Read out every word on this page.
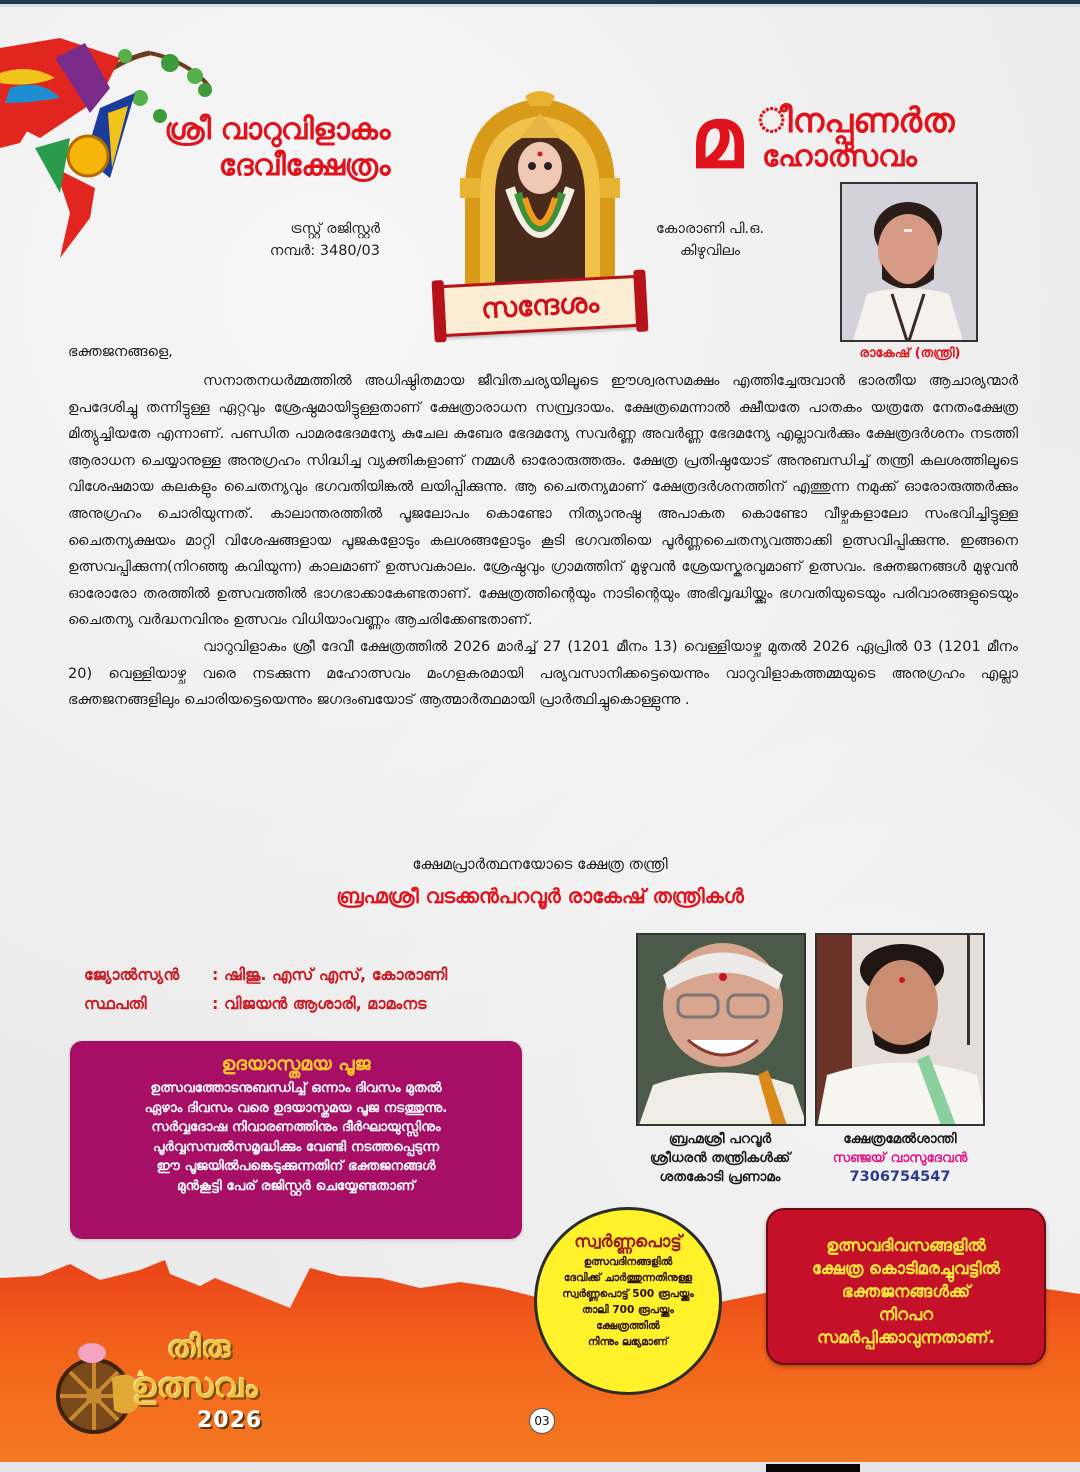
ശ്രീ വാറുവിളാകം
ദേവീക്ഷേത്രം
ട്രസ്റ്റ് രജിസ്റ്റർ
നമ്പർ: 3480/03
സന്ദേശം
മ ീനപ്പുണർത
ഹോത്സവം
കോരാണി പി.ഒ.
കിഴുവിലം
രാകേഷ് (തന്ത്രി)
ഭക്തജനങ്ങളെ,

സനാതനധർമ്മത്തിൽ അധിഷ്ഠിതമായ ജീവിതചര്യയിലൂടെ ഈശ്വരസമക്ഷം എത്തിച്ചേരുവാൻ ഭാരതീയ ആചാര്യന്മാർ ഉപദേശിച്ചു തന്നിട്ടുള്ള ഏറ്റവും ശ്രേഷ്ഠമായിട്ടുള്ളതാണ് ക്ഷേത്രാരാധന സമ്പ്രദായം. ക്ഷേത്രമെന്നാൽ ക്ഷീയതേ പാതകം യത്രതേ നേതംക്ഷേത്ര മിത്യുച്ചിയതേ എന്നാണ്. പണ്ഡിത പാമരഭേദമന്യേ കുചേല കുബേര ഭേദമന്യേ സവർണ്ണ അവർണ്ണ ഭേദമന്യേ എല്ലാവർക്കും ക്ഷേത്രദർശനം നടത്തി ആരാധന ചെയ്യാനുള്ള അനുഗ്രഹം സിദ്ധിച്ച വ്യക്തികളാണ് നമ്മൾ ഓരോരുത്തരും. ക്ഷേത്ര പ്രതിഷ്ഠയോട് അനുബന്ധിച്ച് തന്ത്രി കലശത്തിലൂടെ വിശേഷമായ കലകളും ചൈതന്യവും ഭഗവതിയിങ്കൽ ലയിപ്പിക്കുന്നു. ആ ചൈതന്യമാണ് ക്ഷേത്രദർശനത്തിന് എത്തുന്ന നമുക്ക് ഓരോരുത്തർക്കും അനുഗ്രഹം ചൊരിയുന്നത്. കാലാന്തരത്തിൽ പൂജലോപം കൊണ്ടോ നിത്യാനുഷ്ഠ അപാകത കൊണ്ടോ വീഴ്ചകളാലോ സംഭവിച്ചിട്ടുള്ള ചൈതന്യക്ഷയം മാറ്റി വിശേഷങ്ങളായ പൂജകളോടും കലശങ്ങളോടും കൂടി ഭഗവതിയെ പൂർണ്ണചൈതന്യവത്താക്കി ഉത്സവിപ്പിക്കുന്നു. ഇങ്ങനെ ഉത്സവപ്പിക്കുന്ന(നിറഞ്ഞു കവിയുന്ന) കാലമാണ് ഉത്സവകാലം. ശ്രേഷ്ഠവും ഗ്രാമത്തിന് മുഴുവൻ ശ്രേയസ്കരവുമാണ് ഉത്സവം. ഭക്തജനങ്ങൾ മുഴുവൻ ഓരോരോ തരത്തിൽ ഉത്സവത്തിൽ ഭാഗഭാക്കാകേണ്ടതാണ്. ക്ഷേത്രത്തിന്റെയും നാടിന്റെയും അഭിവൃദ്ധിയ്ക്കും ഭഗവതിയുടെയും പരിവാരങ്ങളുടെയും ചൈതന്യ വർദ്ധനവിനും ഉത്സവം വിധിയാംവണ്ണം ആചരിക്കേണ്ടതാണ്.

വാറുവിളാകം ശ്രീ ദേവീ ക്ഷേത്രത്തിൽ 2026 മാർച്ച് 27 (1201 മീനം 13) വെള്ളിയാഴ്ച മുതൽ 2026 ഏപ്രിൽ 03 (1201 മീനം 20) വെള്ളിയാഴ്ച വരെ നടക്കുന്ന മഹോത്സവം മംഗളകരമായി പര്യവസാനിക്കട്ടെയെന്നും വാറുവിളാകത്തമ്മയുടെ അനുഗ്രഹം എല്ലാ ഭക്തജനങ്ങളിലും ചൊരിയട്ടെയെന്നും ജഗദംബയോട് ആത്മാർത്ഥമായി പ്രാർത്ഥിച്ചുകൊള്ളുന്നു .

ക്ഷേമപ്രാർത്ഥനയോടെ ക്ഷേത്ര തന്ത്രി
ബ്രഹ്മശ്രീ വടക്കൻപറവൂർ രാകേഷ് തന്ത്രികൾ
ജ്യോൽസ്യൻ	: ഷിജു. എസ് എസ്, കോരാണി
സ്ഥപതി	: വിജയൻ ആശാരി, മാമംനട
ഉദയാസ്തമയ പൂജ
ഉത്സവത്തോടനുബന്ധിച്ച് ഒന്നാം ദിവസം മുതൽ
ഏഴാം ദിവസം വരെ ഉദയാസ്തമയ പൂജ നടത്തുന്നു.
സർവ്വദോഷ നിവാരണത്തിനും ദീർഘായുസ്സിനും
പൂർവ്വസമ്പൽസമൃദ്ധിക്കും വേണ്ടി നടത്തപ്പെടുന്ന
ഈ പൂജയിൽപങ്കെടുക്കുന്നതിന് ഭക്തജനങ്ങൾ
മുൻകൂട്ടി പേര് രജിസ്റ്റർ ചെയ്യേണ്ടതാണ്
ബ്രഹ്മശ്രീ പറവൂർ
ശ്രീധരൻ തന്ത്രികൾക്ക്
ശതകോടി പ്രണാമം
ക്ഷേത്രമേൽശാന്തി
സഞ്ജയ് വാസുദേവൻ
7306754547
തിരു
ഉത്സവം
2026
സ്വർണ്ണപൊട്ട്
ഉത്സവദിനങ്ങളിൽ
ദേവിക്ക് ചാർത്തുന്നതിനുള്ള
സ്വർണ്ണപൊട്ട് 500 രൂപയ്ക്കും
താലി 700 രൂപയ്ക്കും
ക്ഷേത്രത്തിൽ
നിന്നും ലഭ്യമാണ്
03
ഉത്സവദിവസങ്ങളിൽ
ക്ഷേത്ര കൊടിമരച്ചുവട്ടിൽ
ഭക്തജനങ്ങൾക്ക്
നിറപറ
സമർപ്പിക്കാവുന്നതാണ്.
